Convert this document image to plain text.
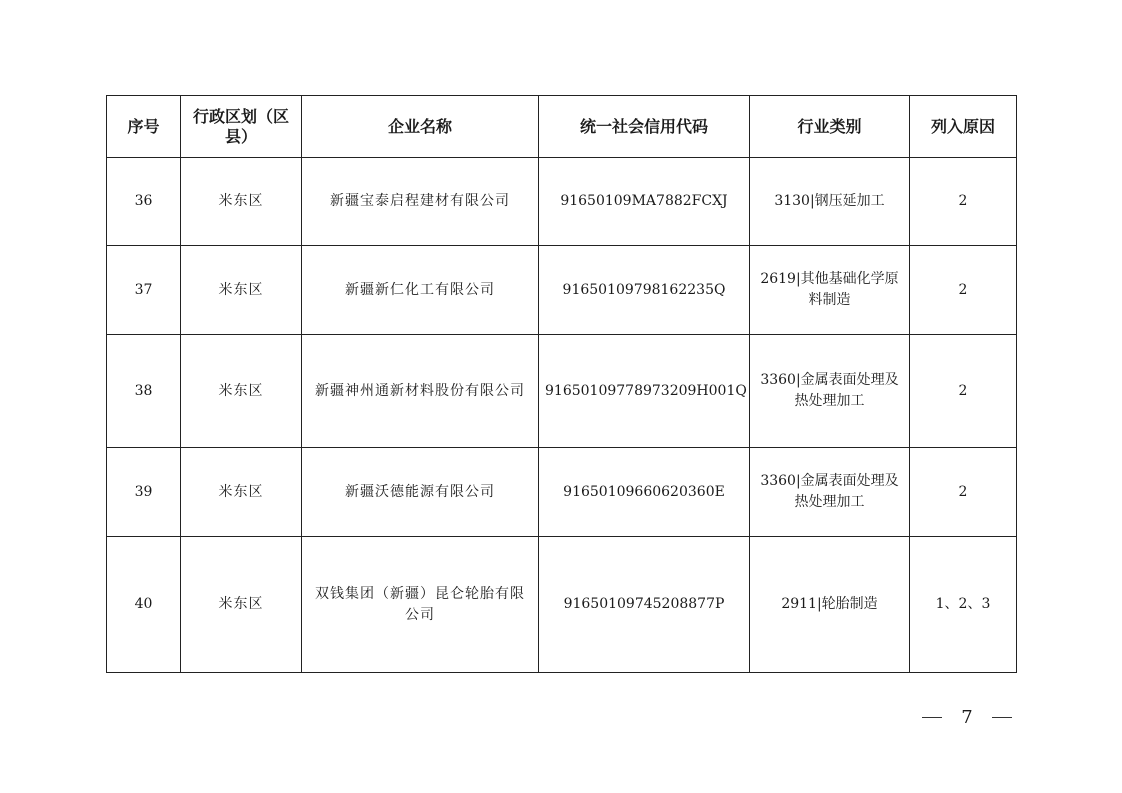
序号	行政区划（区县）	企业名称	统一社会信用代码	行业类别	列入原因
36	米东区	新疆宝泰启程建材有限公司	91650109MA7882FCXJ	3130|钢压延加工	2
37	米东区	新疆新仁化工有限公司	91650109798162235Q	2619|其他基础化学原料制造	2
38	米东区	新疆神州通新材料股份有限公司	91650109778973209H001Q	3360|金属表面处理及热处理加工	2
39	米东区	新疆沃德能源有限公司	91650109660620360E	3360|金属表面处理及热处理加工	2
40	米东区	双钱集团（新疆）昆仑轮胎有限公司	91650109745208877P	2911|轮胎制造	1、2、3
7
